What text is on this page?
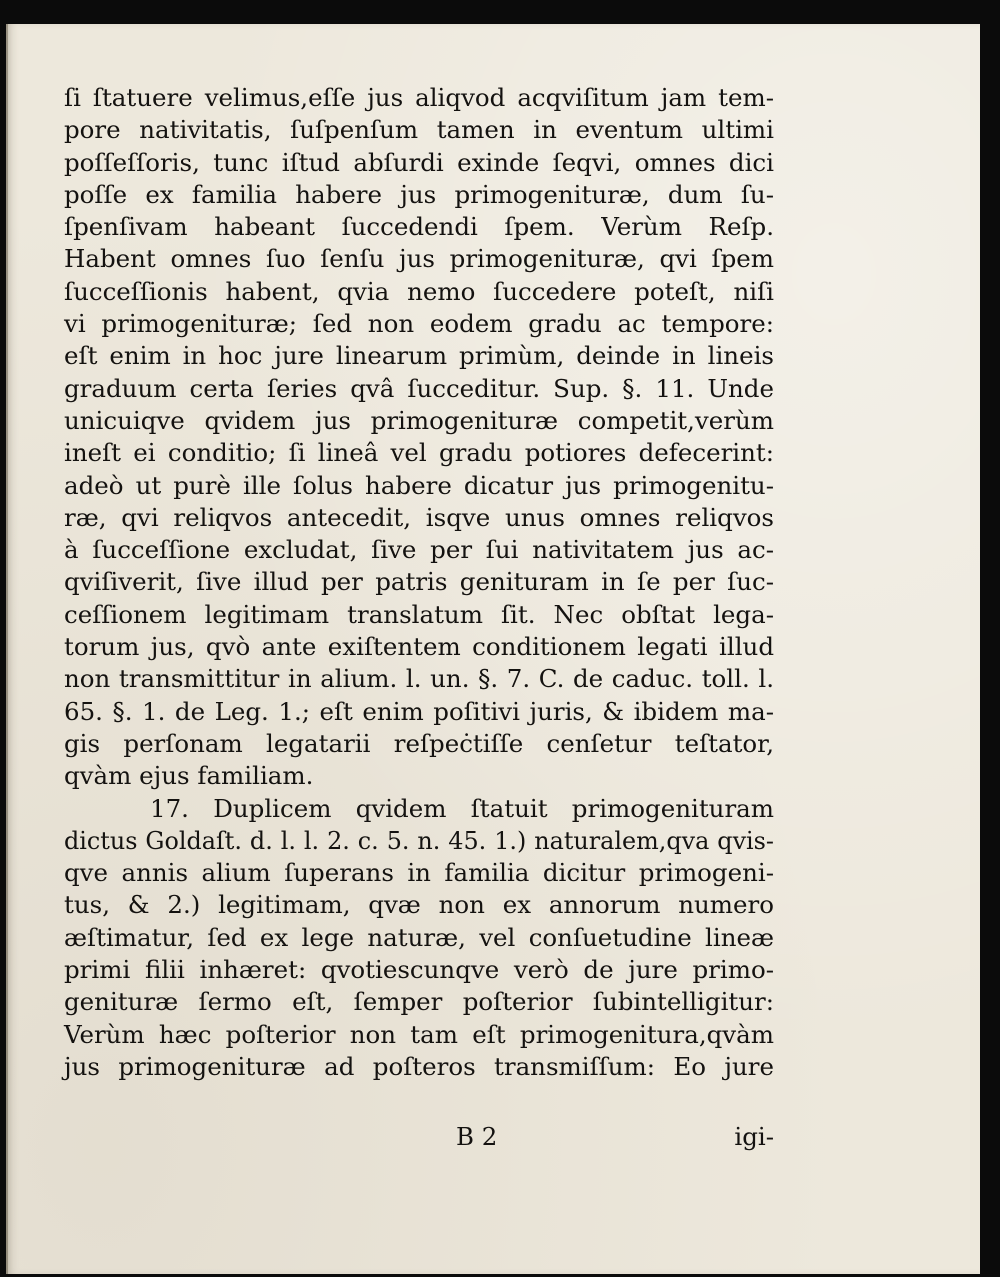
ſi ſtatuere velimus,eſſe jus aliqvod acqviſitum jam tem-
pore nativitatis, ſuſpenſum tamen in eventum ultimi
poſſeſſoris, tunc iſtud abſurdi exinde ſeqvi, omnes dici
poſſe ex familia habere jus primogenituræ, dum ſu-
ſpenſivam habeant ſuccedendi ſpem. Verùm Reſp.
Habent omnes ſuo ſenſu jus primogenituræ, qvi ſpem
ſucceſſionis habent, qvia nemo ſuccedere poteſt, niſi
vi primogenituræ; ſed non eodem gradu ac tempore:
eſt enim in hoc jure linearum primùm, deinde in lineis
graduum certa ſeries qvâ ſucceditur. Sup. §. 11. Unde
unicuiqve qvidem jus primogenituræ competit,verùm
ineſt ei conditio; ſi lineâ vel gradu potiores defecerint:
adeò ut purè ille ſolus habere dicatur jus primogenitu-
ræ, qvi reliqvos antecedit, isqve unus omnes reliqvos
à ſucceſſione excludat, ſive per ſui nativitatem jus ac-
qviſiverit, ſive illud per patris genituram in ſe per ſuc-
ceſſionem legitimam translatum ſit. Nec obſtat lega-
torum jus, qvò ante exiſtentem conditionem legati illud
non transmittitur in alium. l. un. §. 7. C. de caduc. toll. l.
65. §. 1. de Leg. 1.; eſt enim poſitivi juris, & ibidem ma-
gis perſonam legatarii reſpeċtiſſe cenſetur teſtator,
qvàm ejus familiam.
17. Duplicem qvidem ſtatuit primogenituram
dictus Goldaſt. d. l. l. 2. c. 5. n. 45. 1.) naturalem,qva qvis-
qve annis alium ſuperans in familia dicitur primogeni-
tus, & 2.) legitimam, qvæ non ex annorum numero
æſtimatur, ſed ex lege naturæ, vel conſuetudine lineæ
primi filii inhæret: qvotiescunqve verò de jure primo-
genituræ ſermo eſt, ſemper poſterior ſubintelligitur:
Verùm hæc poſterior non tam eſt primogenitura,qvàm
jus primogenituræ ad poſteros transmiſſum: Eo jure
B 2	igi-
